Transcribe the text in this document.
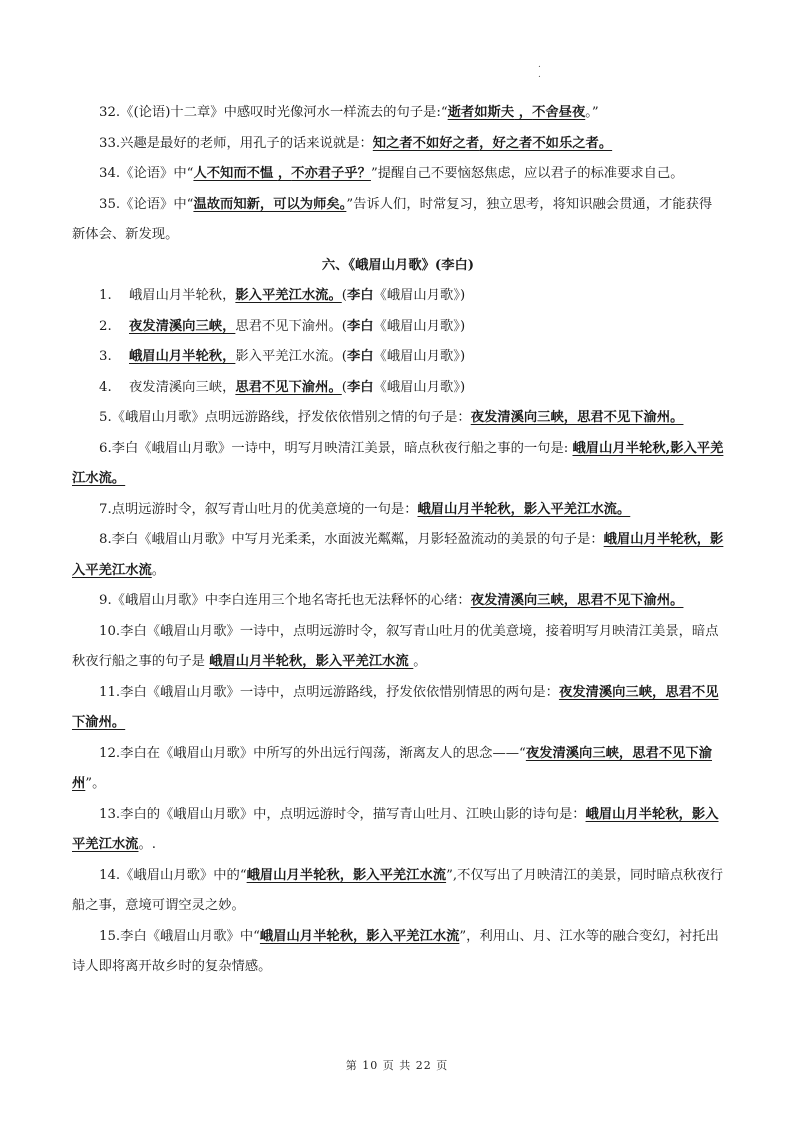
.
.

32.《(论语)十二章》中感叹时光像河水一样流去的句子是:“逝者如斯夫 ，不舍昼夜。”

33.兴趣是最好的老师，用孔子的话来说就是：知之者不如好之者，好之者不如乐之者。

34.《论语》中“人不知而不愠 ，不亦君子乎？”提醒自己不要恼怒焦虑，应以君子的标准要求自己。

35.《论语》中“温故而知新，可以为师矣。”告诉人们，时常复习，独立思考，将知识融会贯通，才能获得新体会、新发现。

六、《峨眉山月歌》(李白)

1. 峨眉山月半轮秋，影入平羌江水流。(李白《峨眉山月歌》)

2. 夜发清溪向三峡，思君不见下渝州。(李白《峨眉山月歌》)

3. 峨眉山月半轮秋，影入平羌江水流。(李白《峨眉山月歌》)

4. 夜发清溪向三峡，思君不见下渝州。(李白《峨眉山月歌》)

5.《峨眉山月歌》点明远游路线，抒发依依惜别之情的句子是：夜发清溪向三峡，思君不见下渝州。

6.李白《峨眉山月歌》一诗中，明写月映清江美景，暗点秋夜行船之事的一句是: 峨眉山月半轮秋,影入平羌江水流。

7.点明远游时令，叙写青山吐月的优美意境的一句是：峨眉山月半轮秋，影入平羌江水流。

8.李白《峨眉山月歌》中写月光柔柔，水面波光粼粼，月影轻盈流动的美景的句子是：峨眉山月半轮秋，影入平羌江水流。

9.《峨眉山月歌》中李白连用三个地名寄托也无法释怀的心绪：夜发清溪向三峡，思君不见下渝州。

10.李白《峨眉山月歌》一诗中，点明远游时令，叙写青山吐月的优美意境，接着明写月映清江美景，暗点秋夜行船之事的句子是 峨眉山月半轮秋，影入平羌江水流 。

11.李白《峨眉山月歌》一诗中，点明远游路线，抒发依依惜别情思的两句是：夜发清溪向三峡，思君不见下渝州。

12.李白在《峨眉山月歌》中所写的外出远行闯荡，渐离友人的思念——“夜发清溪向三峡，思君不见下渝州”。

13.李白的《峨眉山月歌》中，点明远游时令，描写青山吐月、江映山影的诗句是：峨眉山月半轮秋，影入平羌江水流。.

14.《峨眉山月歌》中的“峨眉山月半轮秋，影入平羌江水流”,不仅写出了月映清江的美景，同时暗点秋夜行船之事，意境可谓空灵之妙。

15.李白《峨眉山月歌》中“峨眉山月半轮秋，影入平羌江水流”，利用山、月、江水等的融合变幻，衬托出诗人即将离开故乡时的复杂情感。

第 10 页 共 22 页
